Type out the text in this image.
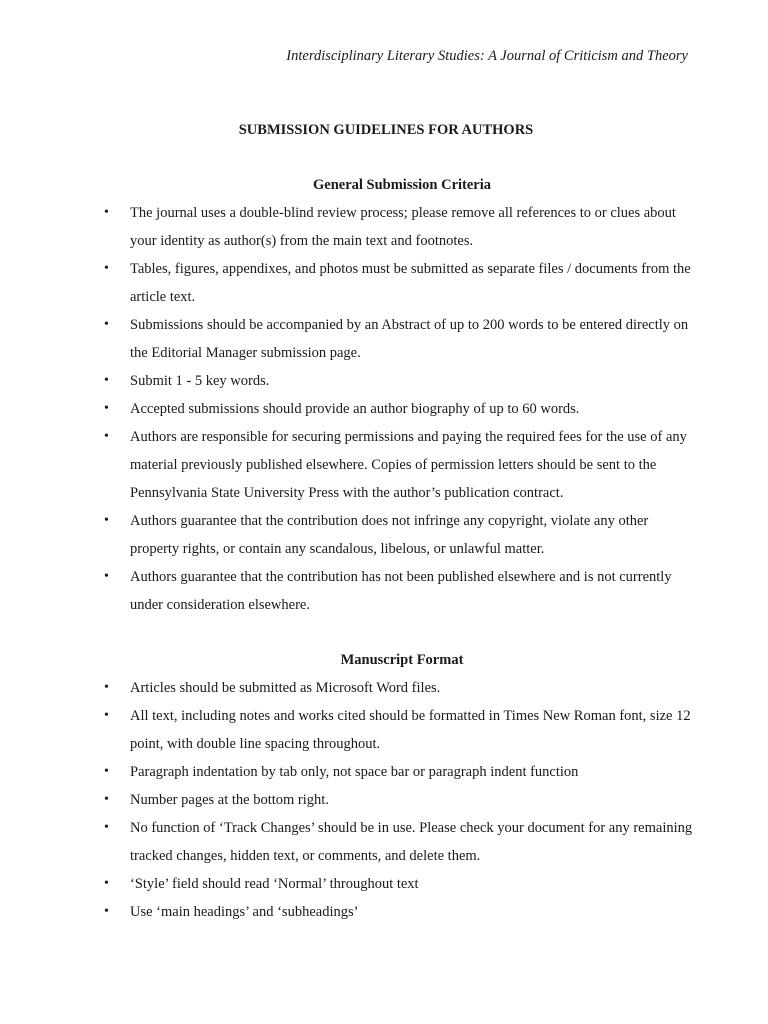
Interdisciplinary Literary Studies: A Journal of Criticism and Theory
SUBMISSION GUIDELINES FOR AUTHORS
General Submission Criteria
•	The journal uses a double-blind review process; please remove all references to or clues about your identity as author(s) from the main text and footnotes.
•	Tables, figures, appendixes, and photos must be submitted as separate files / documents from the article text.
•	Submissions should be accompanied by an Abstract of up to 200 words to be entered directly on the Editorial Manager submission page.
•	Submit 1 - 5 key words.
•	Accepted submissions should provide an author biography of up to 60 words.
•	Authors are responsible for securing permissions and paying the required fees for the use of any material previously published elsewhere. Copies of permission letters should be sent to the Pennsylvania State University Press with the author’s publication contract.
•	Authors guarantee that the contribution does not infringe any copyright, violate any other property rights, or contain any scandalous, libelous, or unlawful matter.
•	Authors guarantee that the contribution has not been published elsewhere and is not currently under consideration elsewhere.
Manuscript Format
•	Articles should be submitted as Microsoft Word files.
•	All text, including notes and works cited should be formatted in Times New Roman font, size 12 point, with double line spacing throughout.
•	Paragraph indentation by tab only, not space bar or paragraph indent function
•	Number pages at the bottom right.
•	No function of ‘Track Changes’ should be in use. Please check your document for any remaining tracked changes, hidden text, or comments, and delete them.
•	‘Style’ field should read ‘Normal’ throughout text
•	Use ‘main headings’ and ‘subheadings’
